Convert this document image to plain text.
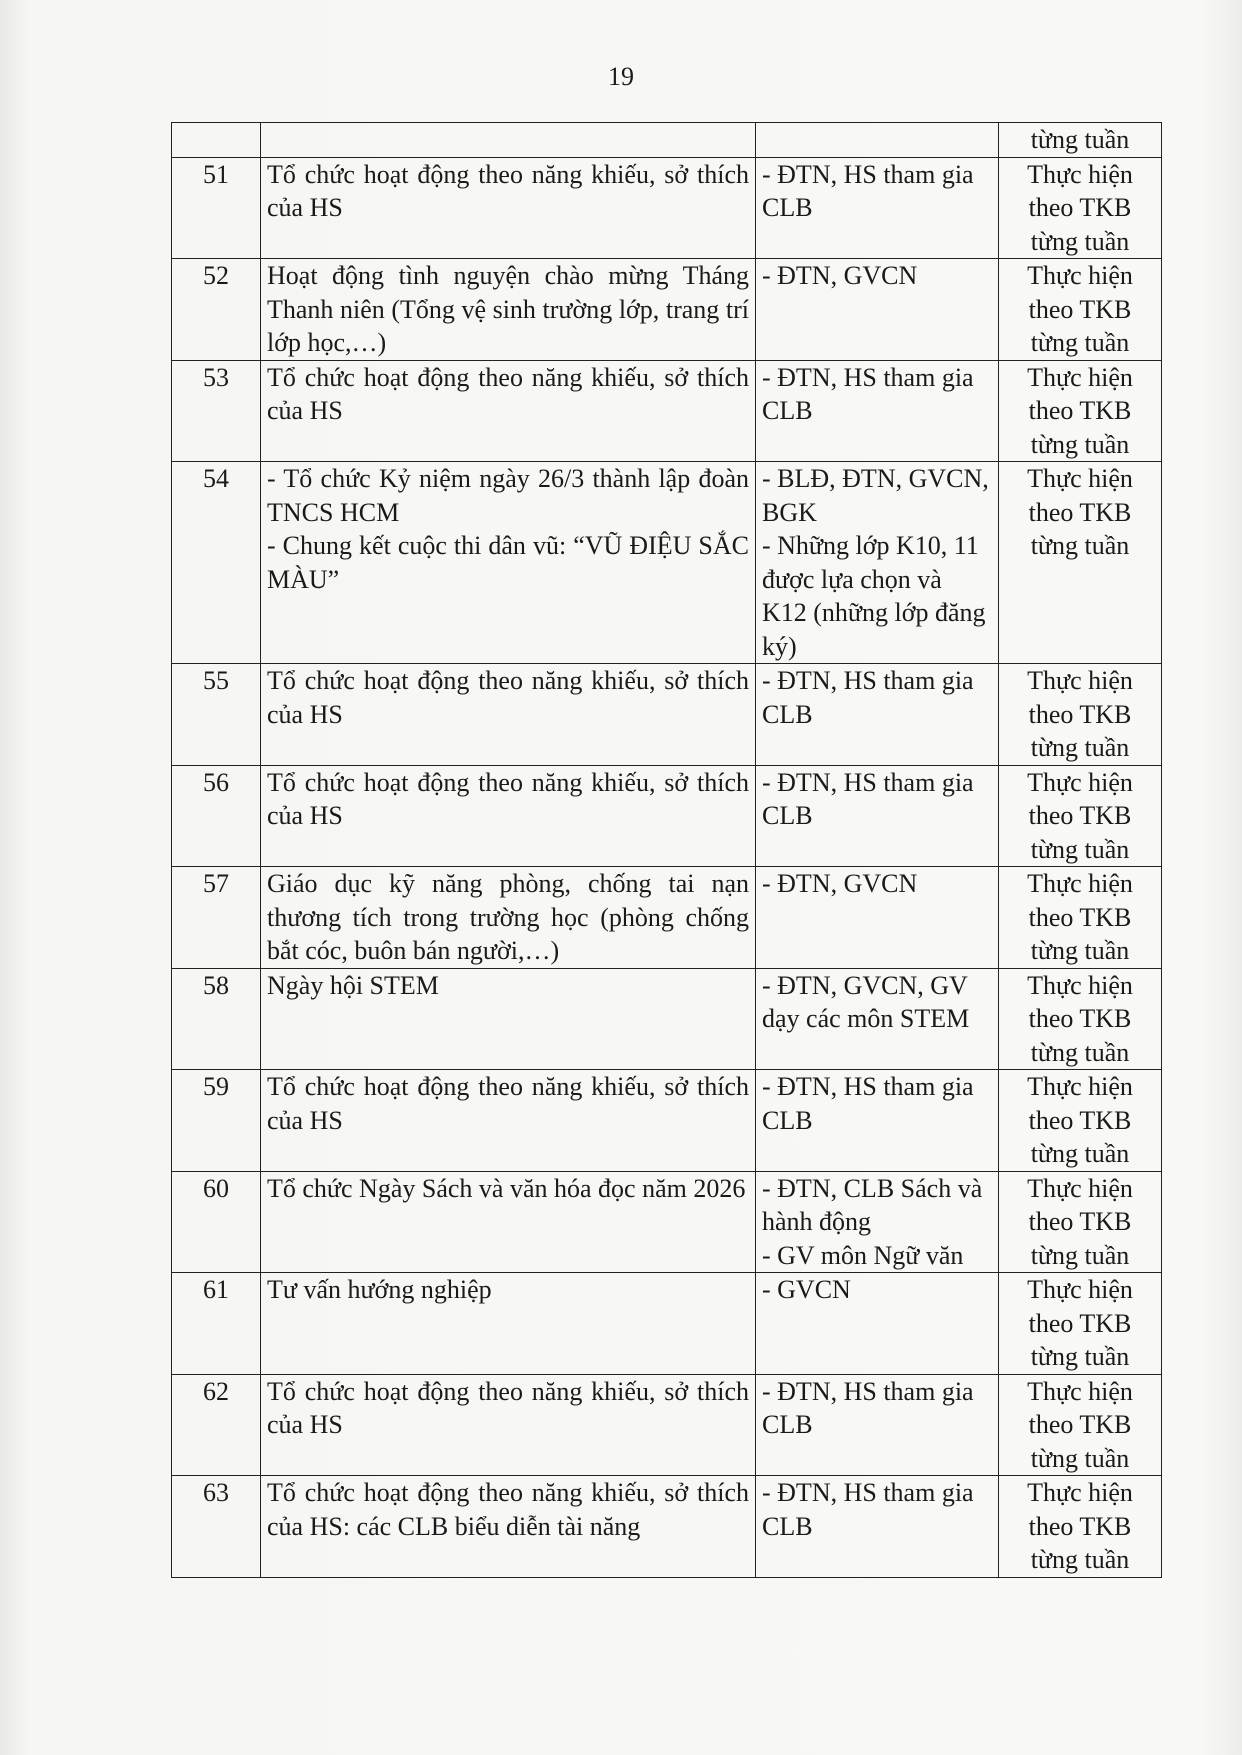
19
			từng tuần
51	Tổ chức hoạt động theo năng khiếu, sở thích của HS	- ĐTN, HS tham gia CLB	Thực hiện
theo TKB
từng tuần

52	Hoạt động tình nguyện chào mừng Tháng Thanh niên (Tổng vệ sinh trường lớp, trang trí lớp học,…)	- ĐTN, GVCN	Thực hiện
theo TKB
từng tuần

53	Tổ chức hoạt động theo năng khiếu, sở thích của HS	- ĐTN, HS tham gia CLB	Thực hiện
theo TKB
từng tuần

54	- Tổ chức Kỷ niệm ngày 26/3 thành lập đoàn TNCS HCM
- Chung kết cuộc thi dân vũ: “VŨ ĐIỆU SẮC MÀU”	- BLĐ, ĐTN, GVCN, BGK
- Những lớp K10, 11 được lựa chọn và K12 (những lớp đăng ký)	Thực hiện
theo TKB
từng tuần

55	Tổ chức hoạt động theo năng khiếu, sở thích của HS	- ĐTN, HS tham gia CLB	Thực hiện
theo TKB
từng tuần

56	Tổ chức hoạt động theo năng khiếu, sở thích của HS	- ĐTN, HS tham gia CLB	Thực hiện
theo TKB
từng tuần

57	Giáo dục kỹ năng phòng, chống tai nạn thương tích trong trường học (phòng chống bắt cóc, buôn bán người,…)	- ĐTN, GVCN	Thực hiện
theo TKB
từng tuần

58	Ngày hội STEM	- ĐTN, GVCN, GV dạy các môn STEM	Thực hiện
theo TKB
từng tuần

59	Tổ chức hoạt động theo năng khiếu, sở thích của HS	- ĐTN, HS tham gia CLB	Thực hiện
theo TKB
từng tuần

60	Tổ chức Ngày Sách và văn hóa đọc năm 2026	- ĐTN, CLB Sách và hành động
- GV môn Ngữ văn	Thực hiện
theo TKB
từng tuần

61	Tư vấn hướng nghiệp	- GVCN	Thực hiện
theo TKB
từng tuần

62	Tổ chức hoạt động theo năng khiếu, sở thích của HS	- ĐTN, HS tham gia CLB	Thực hiện
theo TKB
từng tuần

63	Tổ chức hoạt động theo năng khiếu, sở thích của HS: các CLB biểu diễn tài năng	- ĐTN, HS tham gia CLB	Thực hiện
theo TKB
từng tuần
